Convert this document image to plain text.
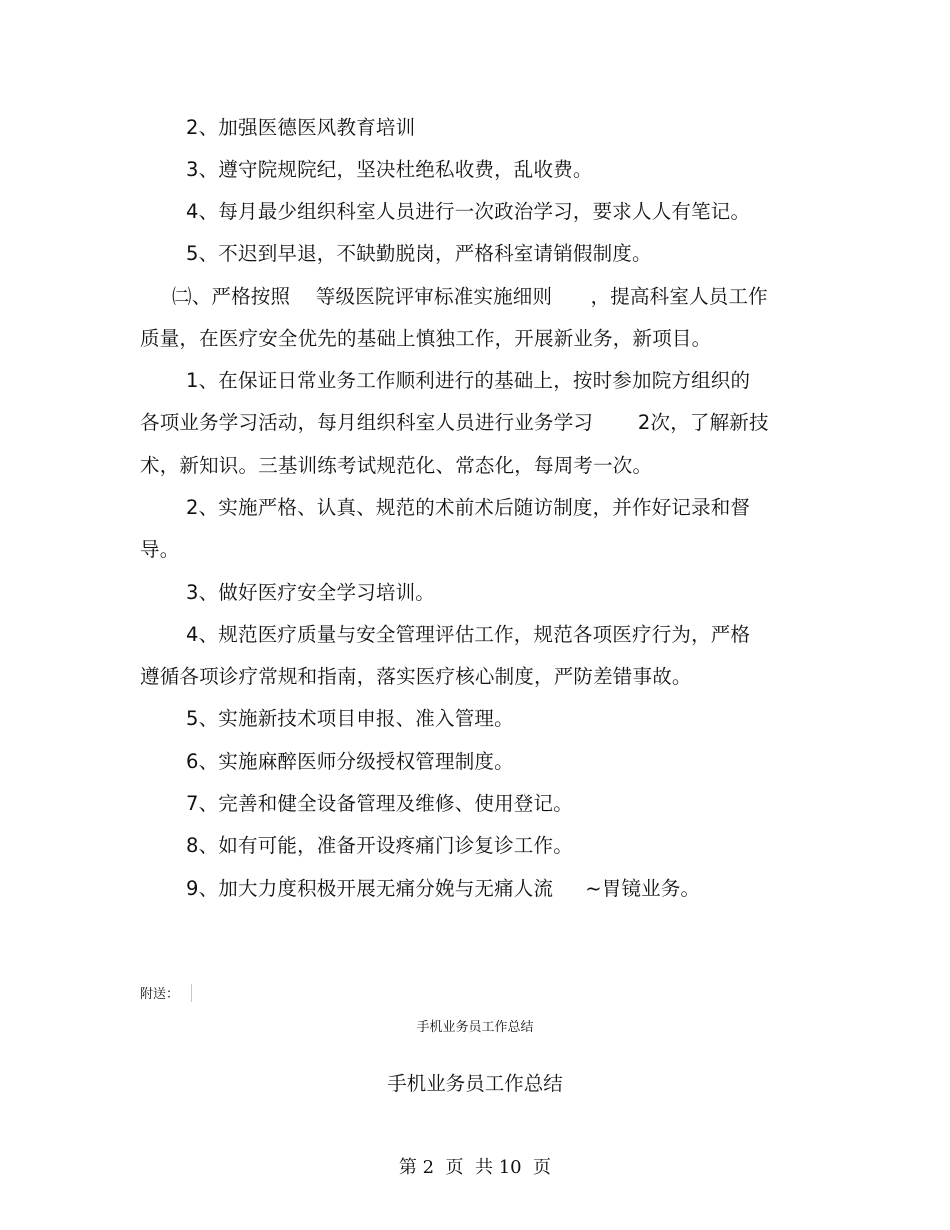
2、加强医德医风教育培训
3、遵守院规院纪，坚决杜绝私收费，乱收费。
4、每月最少组织科室人员进行一次政治学习，要求人人有笔记。
5、不迟到早退，不缺勤脱岗，严格科室请销假制度。
㈡、严格按照    等级医院评审标准实施细则      ，提高科室人员工作
质量，在医疗安全优先的基础上慎独工作，开展新业务，新项目。
1、在保证日常业务工作顺利进行的基础上，按时参加院方组织的
各项业务学习活动，每月组织科室人员进行业务学习       2次，了解新技
术，新知识。三基训练考试规范化、常态化，每周考一次。
2、实施严格、认真、规范的术前术后随访制度，并作好记录和督
导。
3、做好医疗安全学习培训。
4、规范医疗质量与安全管理评估工作，规范各项医疗行为，严格
遵循各项诊疗常规和指南，落实医疗核心制度，严防差错事故。
5、实施新技术项目申报、准入管理。
6、实施麻醉医师分级授权管理制度。
7、完善和健全设备管理及维修、使用登记。
8、如有可能，准备开设疼痛门诊复诊工作。
9、加大力度积极开展无痛分娩与无痛人流     ~胃镜业务。
附送：
手机业务员工作总结
手机业务员工作总结
第 2  页  共 10  页
